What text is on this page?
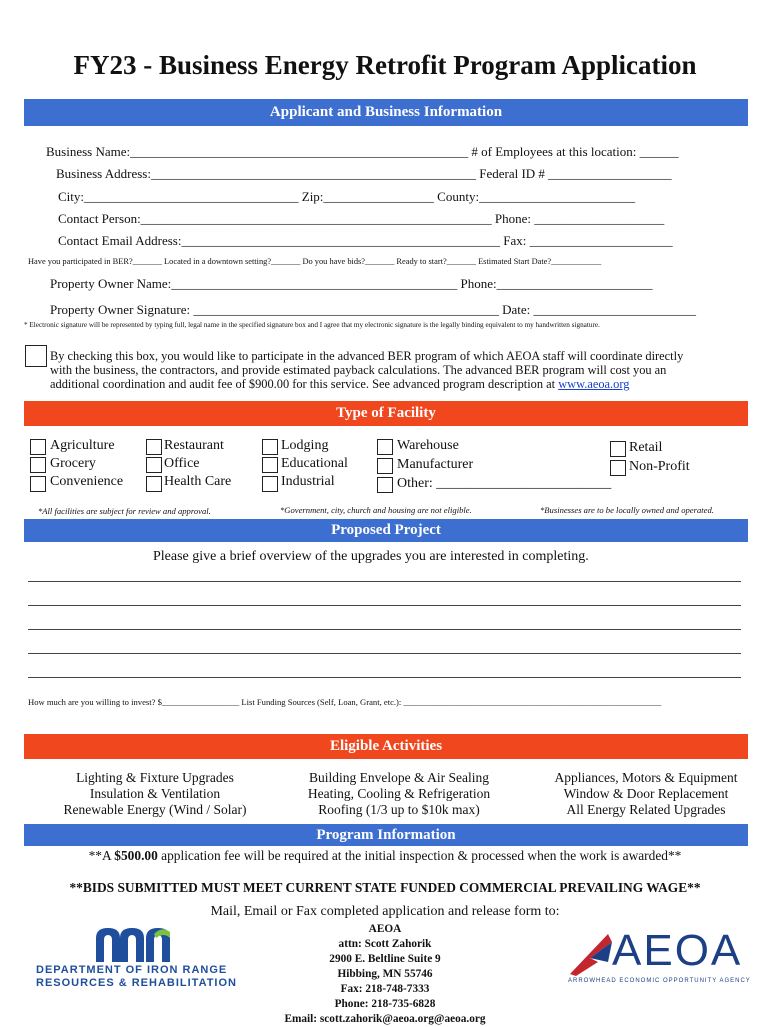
FY23 - Business Energy Retrofit Program Application
Applicant and Business Information
Business Name:____________________________________________________ # of Employees at this location: ______
Business Address:__________________________________________________ Federal ID # ___________________
City:_________________________________ Zip:_________________ County:________________________
Contact Person:______________________________________________________ Phone: ____________________
Contact Email Address:_________________________________________________ Fax: ______________________
Have you participated in BER?_______ Located in a downtown setting?_______ Do you have bids?_______ Ready to start?_______ Estimated Start Date?____________
Property Owner Name:____________________________________________ Phone:________________________
Property Owner Signature: _______________________________________________ Date: _________________________
* Electronic signature will be represented by typing full, legal name in the specified signature box and I agree that my electronic signature is the legally binding equivalent to my handwritten signature.
By checking this box, you would like to participate in the advanced BER program of which AEOA staff will coordinate directly
with the business, the contractors, and provide estimated payback calculations. The advanced BER program will cost you an
additional coordination and audit fee of $900.00 for this service. See advanced program description at www.aeoa.org
Type of Facility
Agriculture
Grocery
Convenience
Restaurant
Office
Health Care
Lodging
Educational
Industrial
Warehouse
Manufacturer
Other: _________________________
Retail
Non-Profit
*All facilities are subject for review and approval.	*Government, city, church and housing are not eligible.	*Businesses are to be locally owned and operated.
Proposed Project
Please give a brief overview of the upgrades you are interested in completing.
How much are you willing to invest? $__________________ List Funding Sources (Self, Loan, Grant, etc.): ____________________________________________________________
Eligible Activities
Lighting & Fixture Upgrades
Insulation & Ventilation
Renewable Energy (Wind / Solar)
Building Envelope & Air Sealing
Heating, Cooling & Refrigeration
Roofing (1/3 up to $10k max)
Appliances, Motors & Equipment
Window & Door Replacement
All Energy Related Upgrades
Program Information
**A $500.00 application fee will be required at the initial inspection & processed when the work is awarded**
**BIDS SUBMITTED MUST MEET CURRENT STATE FUNDED COMMERCIAL PREVAILING WAGE**
Mail, Email or Fax completed application and release form to:
AEOA
attn: Scott Zahorik
2900 E. Beltline Suite 9
Hibbing, MN 55746
Fax: 218-748-7333
Phone: 218-735-6828
Email: scott.zahorik@aeoa.org@aeoa.org
DEPARTMENT OF IRON RANGE
RESOURCES & REHABILITATION
AEOA
ARROWHEAD ECONOMIC OPPORTUNITY AGENCY
